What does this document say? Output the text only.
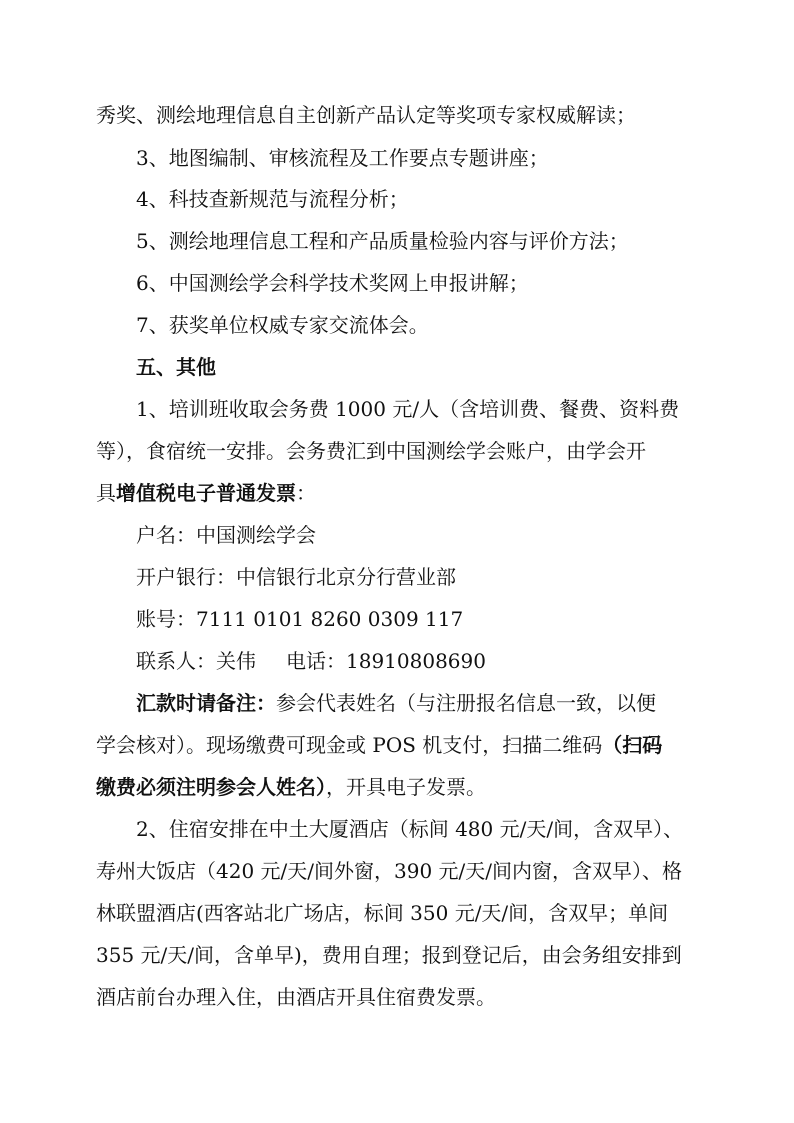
秀奖、测绘地理信息自主创新产品认定等奖项专家权威解读；
3、地图编制、审核流程及工作要点专题讲座；
4、科技查新规范与流程分析；
5、测绘地理信息工程和产品质量检验内容与评价方法；
6、中国测绘学会科学技术奖网上申报讲解；
7、获奖单位权威专家交流体会。
五、其他
1、培训班收取会务费 1000 元/人（含培训费、餐费、资料费
等），食宿统一安排。会务费汇到中国测绘学会账户，由学会开
具增值税电子普通发票：
户名：中国测绘学会
开户银行：中信银行北京分行营业部
账号：7111 0101 8260 0309 117
联系人：关伟 电话：18910808690
汇款时请备注：参会代表姓名（与注册报名信息一致，以便
学会核对）。现场缴费可现金或 POS 机支付，扫描二维码（扫码
缴费必须注明参会人姓名），开具电子发票。
2、住宿安排在中土大厦酒店（标间 480 元/天/间，含双早）、
寿州大饭店（420 元/天/间外窗，390 元/天/间内窗，含双早）、格
林联盟酒店(西客站北广场店，标间 350 元/天/间，含双早；单间
355 元/天/间，含单早)，费用自理；报到登记后，由会务组安排到
酒店前台办理入住，由酒店开具住宿费发票。
